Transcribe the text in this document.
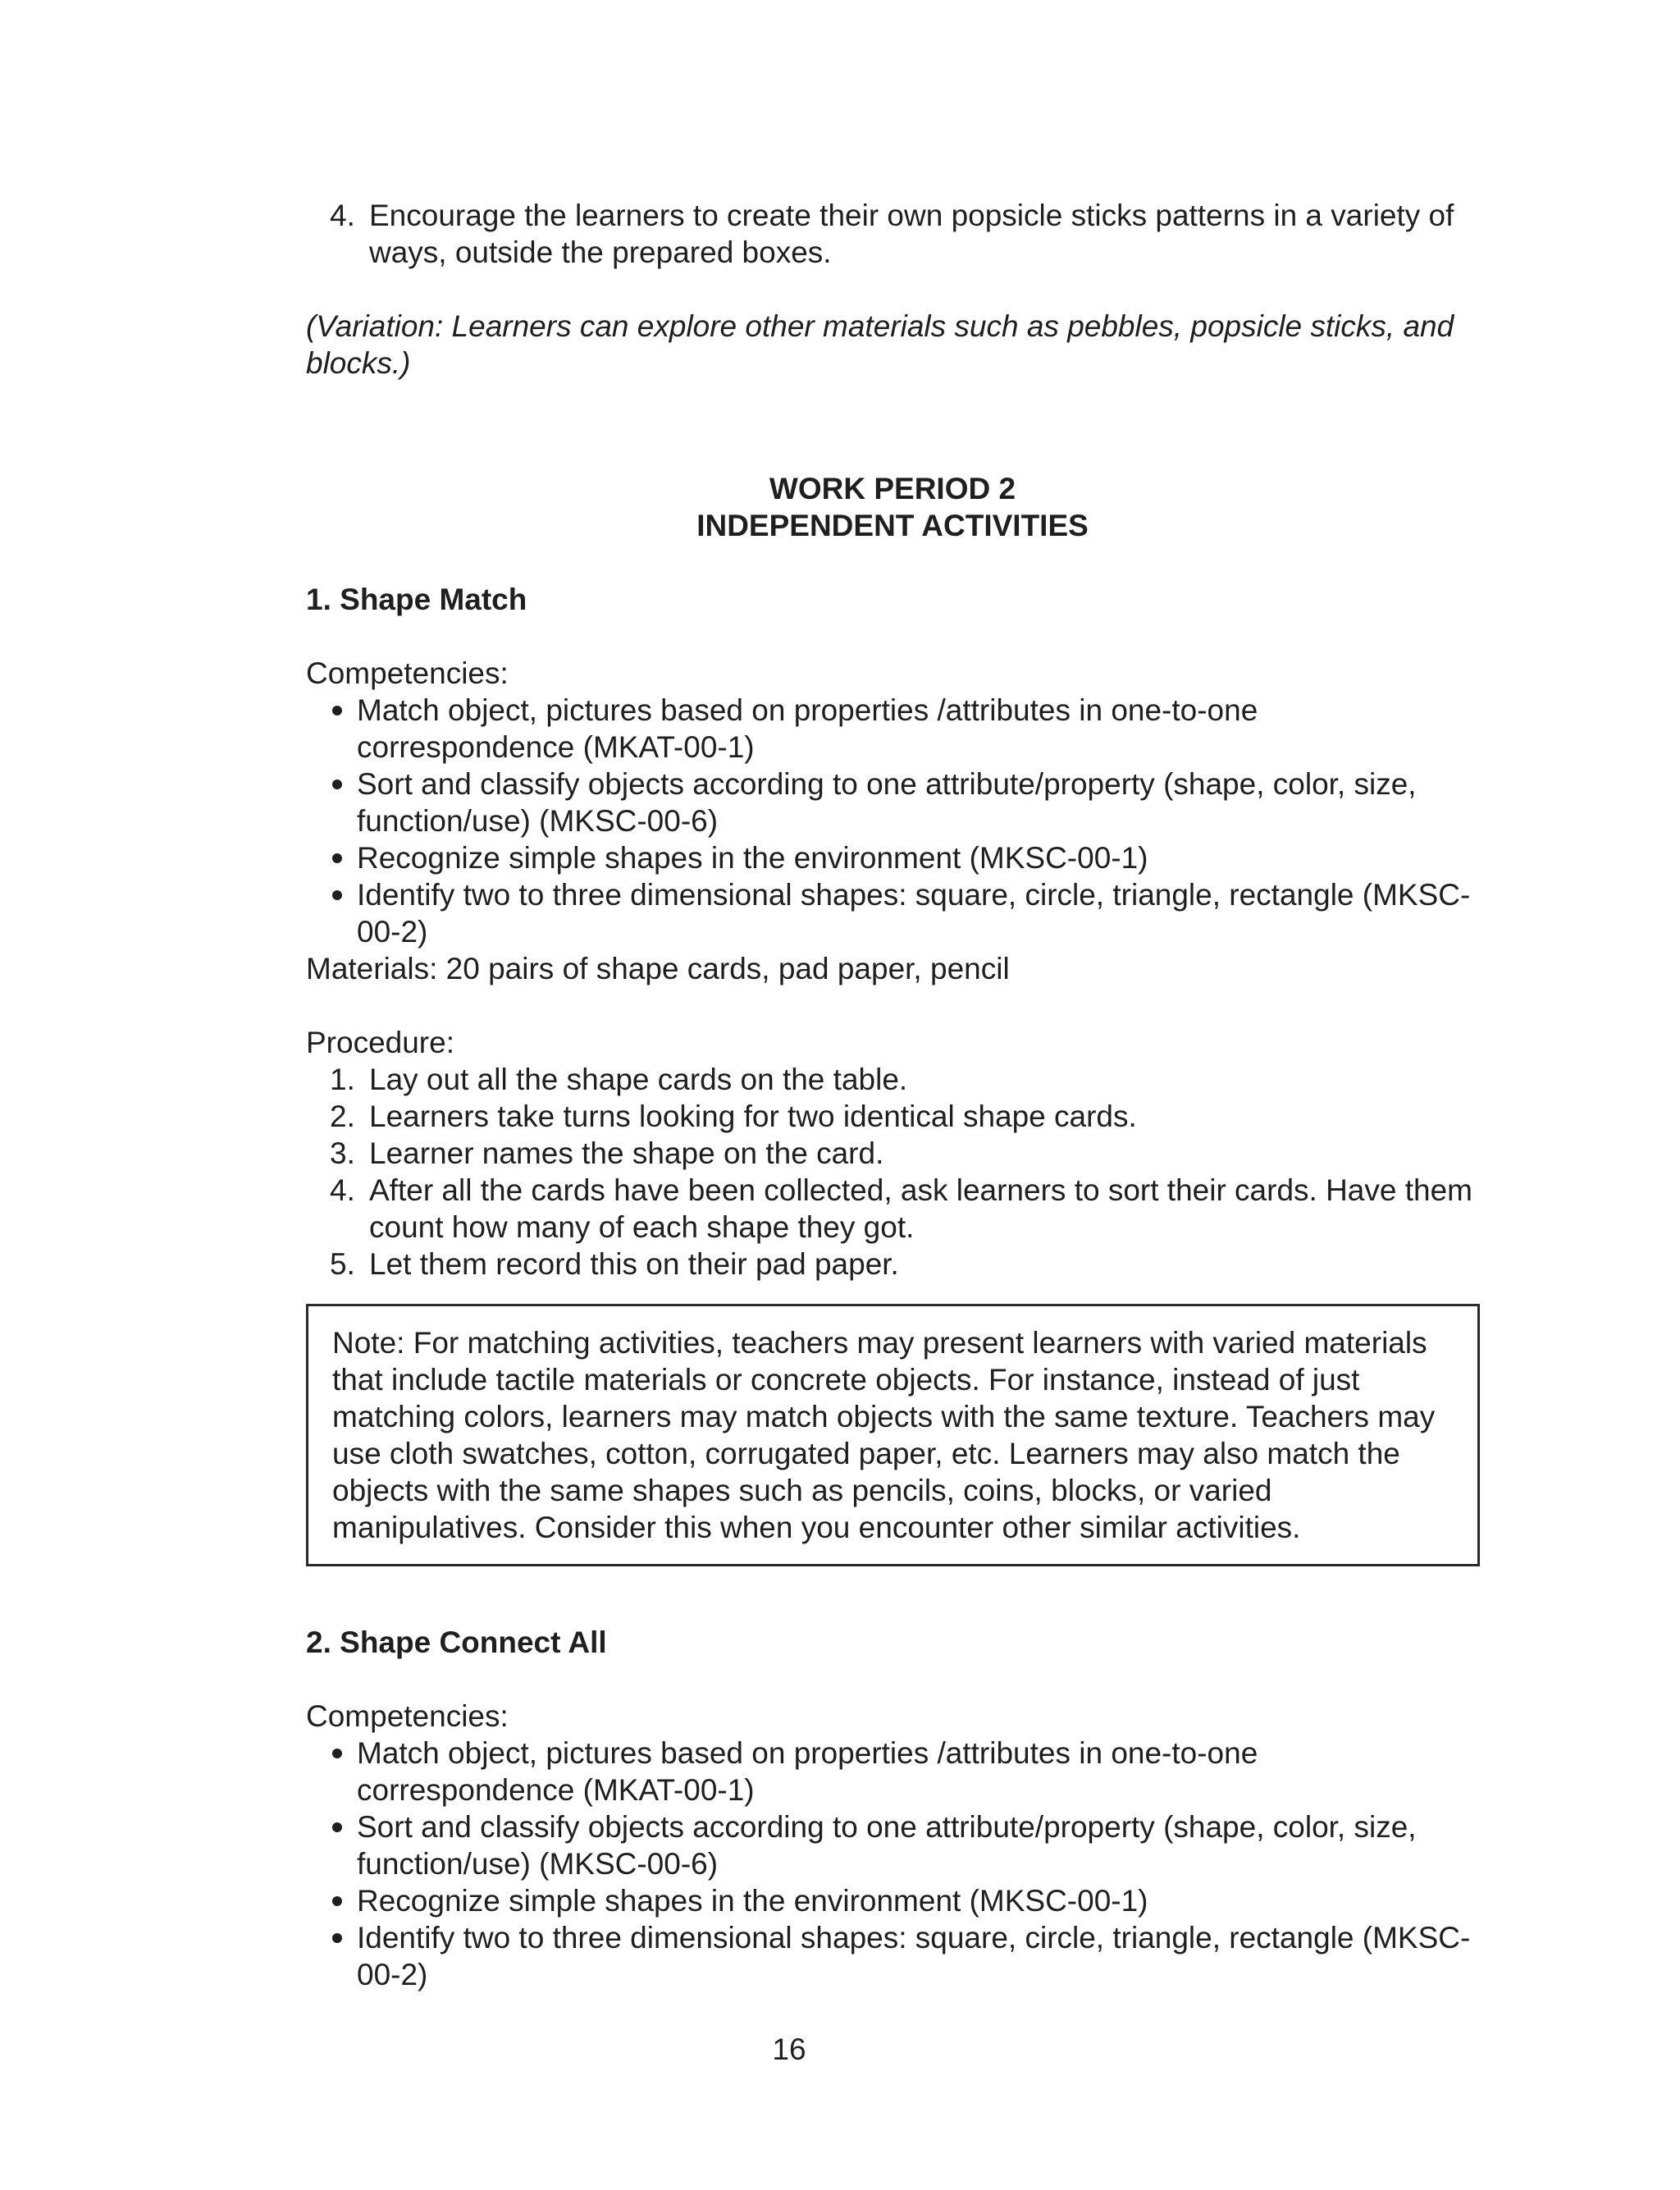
4. Encourage the learners to create their own popsicle sticks patterns in a variety of ways, outside the prepared boxes.

(Variation: Learners can explore other materials such as pebbles, popsicle sticks, and blocks.)

WORK PERIOD 2
INDEPENDENT ACTIVITIES
1. Shape Match

Competencies:

Match object, pictures based on properties /attributes in one-to-one correspondence (MKAT-00-1)
Sort and classify objects according to one attribute/property (shape, color, size, function/use) (MKSC-00-6)
Recognize simple shapes in the environment (MKSC-00-1)
Identify two to three dimensional shapes: square, circle, triangle, rectangle (MKSC-00-2)

Materials: 20 pairs of shape cards, pad paper, pencil

Procedure:

1. Lay out all the shape cards on the table.
2. Learners take turns looking for two identical shape cards.
3. Learner names the shape on the card.
4. After all the cards have been collected, ask learners to sort their cards. Have them count how many of each shape they got.
5. Let them record this on their pad paper.

Note: For matching activities, teachers may present learners with varied materials that include tactile materials or concrete objects. For instance, instead of just matching colors, learners may match objects with the same texture. Teachers may use cloth swatches, cotton, corrugated paper, etc. Learners may also match the objects with the same shapes such as pencils, coins, blocks, or varied manipulatives. Consider this when you encounter other similar activities.

2. Shape Connect All

Competencies:

Match object, pictures based on properties /attributes in one-to-one correspondence (MKAT-00-1)
Sort and classify objects according to one attribute/property (shape, color, size, function/use) (MKSC-00-6)
Recognize simple shapes in the environment (MKSC-00-1)
Identify two to three dimensional shapes: square, circle, triangle, rectangle (MKSC-00-2)
16
